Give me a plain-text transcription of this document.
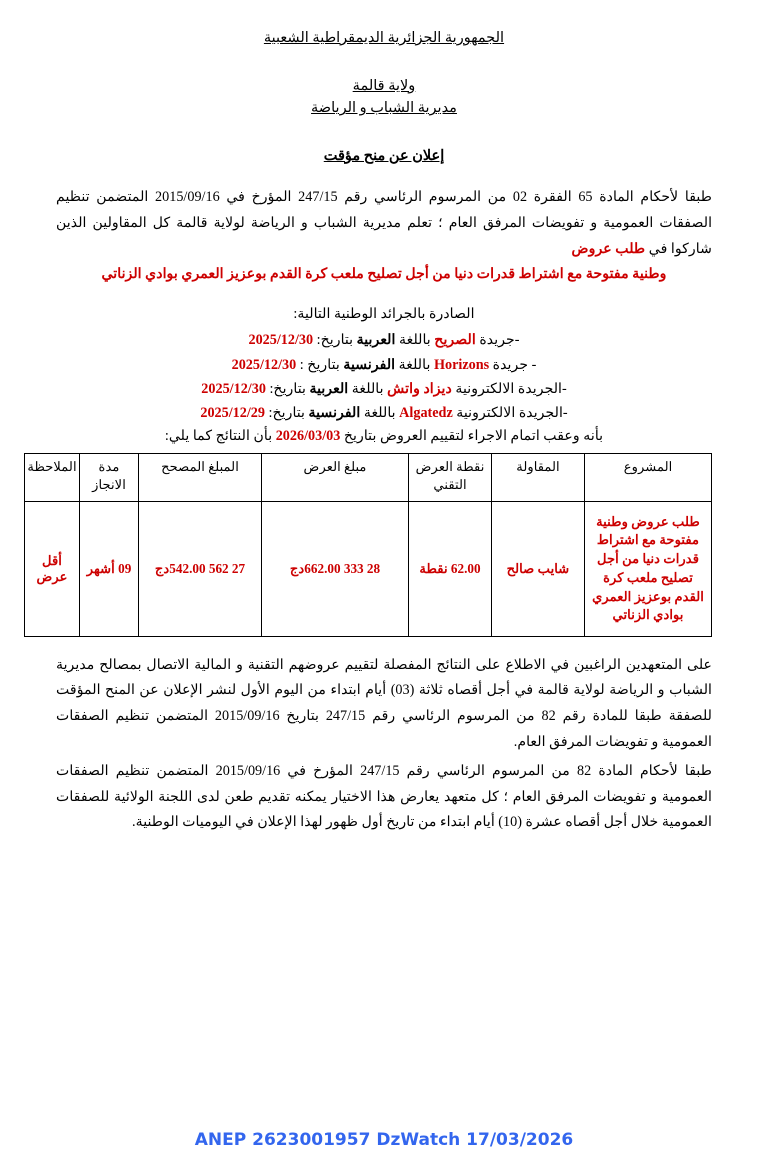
الجمهورية الجزائرية الديمقراطية الشعبية
ولاية قالمة
مديرية الشباب و الرياضة
إعلان عن منح مؤقت
طبقا لأحكام المادة 65 الفقرة 02 من المرسوم الرئاسي رقم 247/15 المؤرخ في 2015/09/16 المتضمن تنظيم الصفقات العمومية و تفويضات المرفق العام ؛ تعلم مديرية الشباب و الرياضة لولاية قالمة كل المقاولين الذين شاركوا في طلب عروض
وطنية مفتوحة مع اشتراط قدرات دنيا من أجل تصليح ملعب كرة القدم بوعزيز العمري بوادي الزناتي
الصادرة بالجرائد الوطنية التالية:
-جريدة الصريح باللغة العربية بتاريخ: 2025/12/30
- جريدة Horizons باللغة الفرنسية بتاريخ : 2025/12/30
-الجريدة الالكترونية ديزاد واتش باللغة العربية بتاريخ: 2025/12/30
-الجريدة الالكترونية Algatedz باللغة الفرنسية بتاريخ: 2025/12/29
بأنه وعقب اتمام الاجراء لتقييم العروض بتاريخ 2026/03/03 بأن النتائج كما يلي:
المشروع	المقاولة	نقطة العرض التقني	مبلغ العرض	المبلغ المصحح	مدة الانجاز	الملاحظة
طلب عروض وطنية مفتوحة مع اشتراط قدرات دنيا من أجل تصليح ملعب كرة القدم بوعزيز العمري بوادي الزناتي	شايب صالح	62.00 نقطة	28 333 662.00دج	27 562 542.00دج	09 أشهر	أقل عرض
على المتعهدين الراغبين في الاطلاع على النتائج المفصلة لتقييم عروضهم التقنية و المالية الاتصال بمصالح مديرية الشباب و الرياضة لولاية قالمة في أجل أقصاه ثلاثة (03) أيام ابتداء من اليوم الأول لنشر الإعلان عن المنح المؤقت للصفقة طبقا للمادة رقم 82 من المرسوم الرئاسي رقم 247/15 بتاريخ 2015/09/16 المتضمن تنظيم الصفقات العمومية و تفويضات المرفق العام.
طبقا لأحكام المادة 82 من المرسوم الرئاسي رقم 247/15 المؤرخ في 2015/09/16 المتضمن تنظيم الصفقات العمومية و تفويضات المرفق العام ؛ كل متعهد يعارض هذا الاختيار يمكنه تقديم طعن لدى اللجنة الولائية للصفقات العمومية خلال أجل أقصاه عشرة (10) أيام ابتداء من تاريخ أول ظهور لهذا الإعلان في اليوميات الوطنية.
ANEP 2623001957 DzWatch 17/03/2026
